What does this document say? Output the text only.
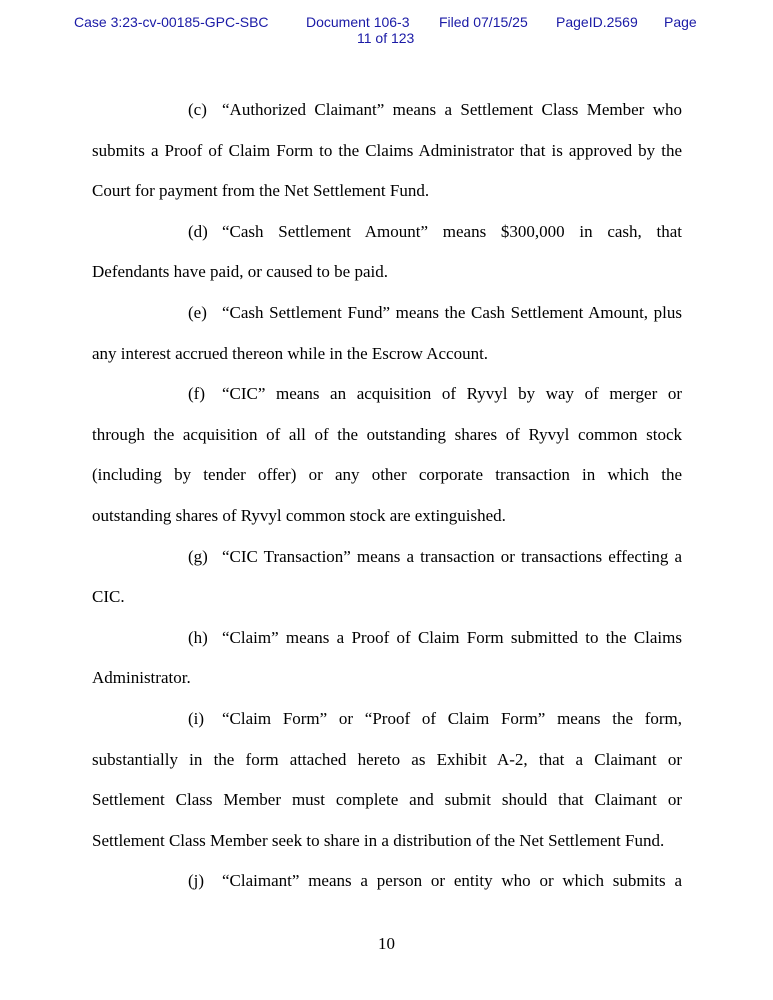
Case 3:23-cv-00185-GPC-SBC	Document 106-3
11 of 123
Filed 07/15/25 PageID.2569 Page
(c) “Authorized Claimant” means a Settlement Class Member who
submits a Proof of Claim Form to the Claims Administrator that is approved by the
Court for payment from the Net Settlement Fund.
(d) “Cash Settlement Amount” means $300,000 in cash, that
Defendants have paid, or caused to be paid.
(e) “Cash Settlement Fund” means the Cash Settlement Amount, plus
any interest accrued thereon while in the Escrow Account.
(f) “CIC” means an acquisition of Ryvyl by way of merger or
through the acquisition of all of the outstanding shares of Ryvyl common stock
(including by tender offer) or any other corporate transaction in which the
outstanding shares of Ryvyl common stock are extinguished.
(g) “CIC Transaction” means a transaction or transactions effecting a
CIC.
(h) “Claim” means a Proof of Claim Form submitted to the Claims
Administrator.
(i) “Claim Form” or “Proof of Claim Form” means the form,
substantially in the form attached hereto as Exhibit A-2, that a Claimant or
Settlement Class Member must complete and submit should that Claimant or
Settlement Class Member seek to share in a distribution of the Net Settlement Fund.
(j) “Claimant” means a person or entity who or which submits a
10
